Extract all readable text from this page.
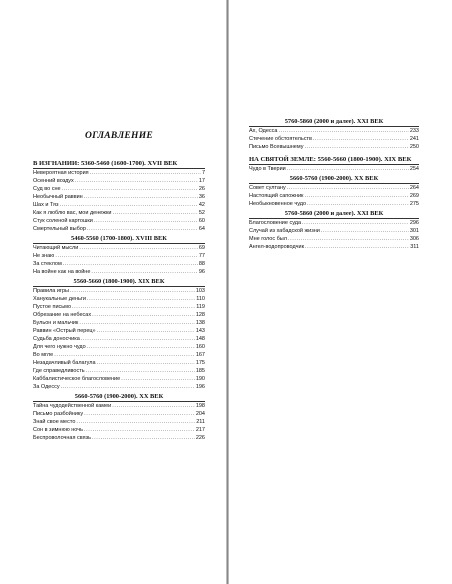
ОГЛАВЛЕНИЕ
В ИЗГНАНИИ: 5360-5460 (1600-1700). XVII ВЕК
Невероятная история .....	7
Осенний воздух .....	17
Суд во сне .....	26
Необычный раввин .....	36
Шах и Тяз .....	42
Как я люблю вас, мои денежки .....	52
Стук соленой картошки .....	60
Смертельный выбор .....	64
5460-5560 (1700-1800). XVIII ВЕК
Читающий мысли .....	69
Не знаю .....	77
За стеклом .....	88
На войне как на войне .....	96
5560-5660 (1800-1900). XIX ВЕК
Правила игры .....	103
Ханукальные деньги .....	110
Пустое письмо .....	119
Обрезание на небесах .....	128
Бульон и мальчик .....	138
Раввин «Острый перец» .....	143
Судьба доносчика .....	148
Для чего нужно чудо .....	160
Во мгле .....	167
Незадачливый балагула .....	175
Где справедливость .....	185
Каббалистическое благословение .....	190
За Одессу .....	196
5660-5760 (1900-2000). XX ВЕК
Тайна чудодейственной камеи .....	198
Письмо разбойнику .....	204
Знай свое место .....	211
Сон в зимнюю ночь .....	217
Беспроволочная связь .....	226
5760-5860 (2000 и далее). XXI ВЕК
Ах, Одесса .....	233
Стечение обстоятельств .....	241
Письмо Всевышнему .....	250
НА СВЯТОЙ ЗЕМЛЕ: 5560-5660 (1800-1900). XIX ВЕК
Чудо в Тверии .....	254
5660-5760 (1900-2000). XX ВЕК
Совет султану .....	264
Настоящий сапожник .....	269
Необыкновенное чудо .....	275
5760-5860 (2000 и далее). XXI ВЕК
Благословение суда .....	296
Случай из хабадской жизни .....	301
Мне голос был .....	306
Ангел-водопроводчик .....	311
